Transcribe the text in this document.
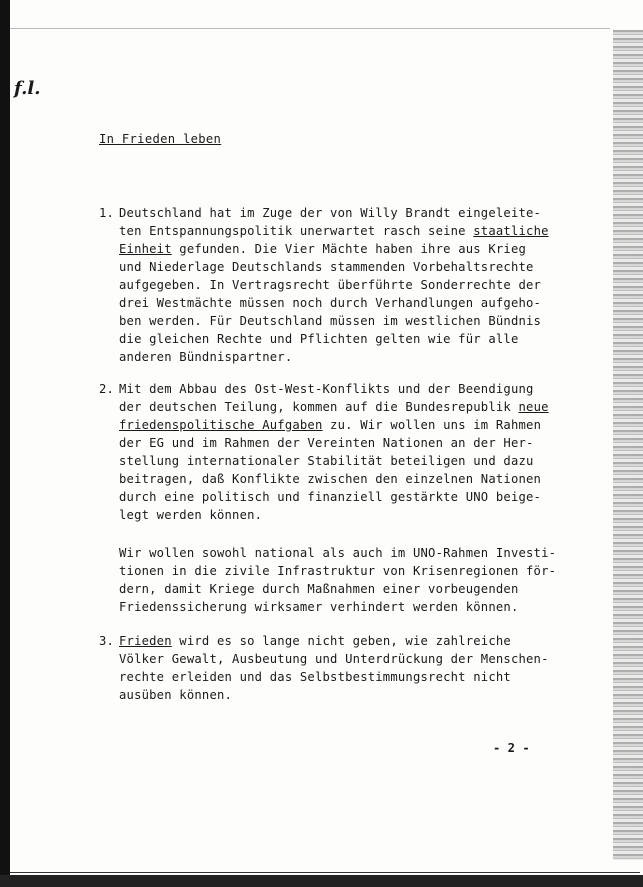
f.l.
In Frieden leben
1. Deutschland hat im Zuge der von Willy Brandt eingeleite-
ten Entspannungspolitik unerwartet rasch seine staatliche
Einheit gefunden. Die Vier Mächte haben ihre aus Krieg
und Niederlage Deutschlands stammenden Vorbehaltsrechte
aufgegeben. In Vertragsrecht überführte Sonderrechte der
drei Westmächte müssen noch durch Verhandlungen aufgeho-
ben werden. Für Deutschland müssen im westlichen Bündnis
die gleichen Rechte und Pflichten gelten wie für alle
anderen Bündnispartner.
2. Mit dem Abbau des Ost-West-Konflikts und der Beendigung
der deutschen Teilung, kommen auf die Bundesrepublik neue
friedenspolitische Aufgaben zu. Wir wollen uns im Rahmen
der EG und im Rahmen der Vereinten Nationen an der Her-
stellung internationaler Stabilität beteiligen und dazu
beitragen, daß Konflikte zwischen den einzelnen Nationen
durch eine politisch und finanziell gestärkte UNO beige-
legt werden können.
Wir wollen sowohl national als auch im UNO-Rahmen Investi-
tionen in die zivile Infrastruktur von Krisenregionen för-
dern, damit Kriege durch Maßnahmen einer vorbeugenden
Friedenssicherung wirksamer verhindert werden können.
3. Frieden wird es so lange nicht geben, wie zahlreiche
Völker Gewalt, Ausbeutung und Unterdrückung der Menschen-
rechte erleiden und das Selbstbestimmungsrecht nicht
ausüben können.
- 2 -
